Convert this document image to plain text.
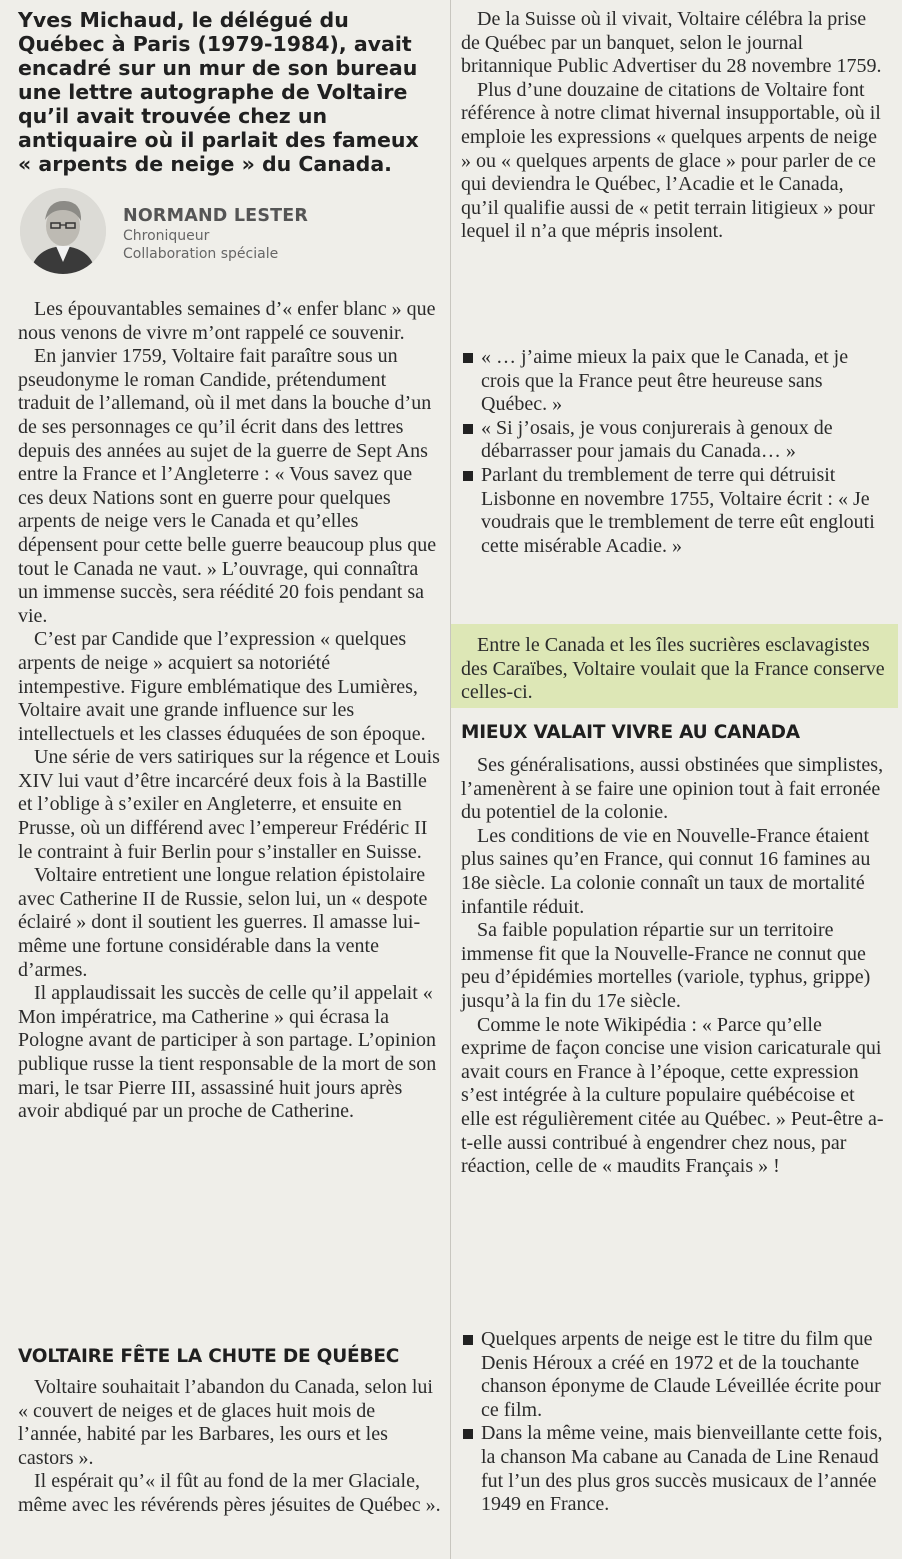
Yves Michaud, le délégué du Québec à Paris (1979-1984), avait encadré sur un mur de son bureau une lettre autographe de Voltaire qu’il avait trouvée chez un antiquaire où il parlait des fameux « arpents de neige » du Canada.

NORMAND LESTER

Chroniqueur

Collaboration spéciale

Les épouvantables semaines d’« enfer blanc » que nous venons de vivre m’ont rappelé ce souvenir.

En janvier 1759, Voltaire fait paraître sous un pseudonyme le roman Candide, prétendument traduit de l’allemand, où il met dans la bouche d’un de ses personnages ce qu’il écrit dans des lettres depuis des années au sujet de la guerre de Sept Ans entre la France et l’Angleterre : « Vous savez que ces deux Nations sont en guerre pour quelques arpents de neige vers le Canada et qu’elles dépensent pour cette belle guerre beaucoup plus que tout le Canada ne vaut. » L’ouvrage, qui connaîtra un immense succès, sera réédité 20 fois pendant sa vie.

C’est par Candide que l’expression « quelques arpents de neige » acquiert sa notoriété intempestive. Figure emblématique des Lumières, Voltaire avait une grande influence sur les intellectuels et les classes éduquées de son époque.

Une série de vers satiriques sur la régence et Louis XIV lui vaut d’être incarcéré deux fois à la Bastille et l’oblige à s’exiler en Angleterre, et ensuite en Prusse, où un différend avec l’empereur Frédéric II le contraint à fuir Berlin pour s’installer en Suisse.

Voltaire entretient une longue relation épistolaire avec Catherine II de Russie, selon lui, un « despote éclairé » dont il soutient les guerres. Il amasse lui-même une fortune considérable dans la vente d’armes.

Il applaudissait les succès de celle qu’il appelait « Mon impératrice, ma Catherine » qui écrasa la Pologne avant de participer à son partage. L’opinion publique russe la tient responsable de la mort de son mari, le tsar Pierre III, assassiné huit jours après avoir abdiqué par un proche de Catherine.

VOLTAIRE FÊTE LA CHUTE DE QUÉBEC

Voltaire souhaitait l’abandon du Canada, selon lui « couvert de neiges et de glaces huit mois de l’année, habité par les Barbares, les ours et les castors ».

Il espérait qu’« il fût au fond de la mer Glaciale, même avec les révérends pères jésuites de Québec ».

De la Suisse où il vivait, Voltaire célébra la prise de Québec par un banquet, selon le journal britannique Public Advertiser du 28 novembre 1759.

Plus d’une douzaine de citations de Voltaire font référence à notre climat hivernal insupportable, où il emploie les expressions « quelques arpents de neige » ou « quelques arpents de glace » pour parler de ce qui deviendra le Québec, l’Acadie et le Canada, qu’il qualifie aussi de « petit terrain litigieux » pour lequel il n’a que mépris insolent.

« … j’aime mieux la paix que le Canada, et je crois que la France peut être heureuse sans Québec. »

« Si j’osais, je vous conjurerais à genoux de débarrasser pour jamais du Canada… »

Parlant du tremblement de terre qui détruisit Lisbonne en novembre 1755, Voltaire écrit : « Je voudrais que le tremblement de terre eût englouti cette misérable Acadie. »

Entre le Canada et les îles sucrières esclavagistes des Caraïbes, Voltaire voulait que la France conserve celles-ci.

MIEUX VALAIT VIVRE AU CANADA

Ses généralisations, aussi obstinées que simplistes, l’amenèrent à se faire une opinion tout à fait erronée du potentiel de la colonie.

Les conditions de vie en Nouvelle-France étaient plus saines qu’en France, qui connut 16 famines au 18e siècle. La colonie connaît un taux de mortalité infantile réduit.

Sa faible population répartie sur un territoire immense fit que la Nouvelle-France ne connut que peu d’épidémies mortelles (variole, typhus, grippe) jusqu’à la fin du 17e siècle.

Comme le note Wikipédia : « Parce qu’elle exprime de façon concise une vision caricaturale qui avait cours en France à l’époque, cette expression s’est intégrée à la culture populaire québécoise et elle est régulièrement citée au Québec. » Peut-être a-t-elle aussi contribué à engendrer chez nous, par réaction, celle de « maudits Français » !

Quelques arpents de neige est le titre du film que Denis Héroux a créé en 1972 et de la touchante chanson éponyme de Claude Léveillée écrite pour ce film.

Dans la même veine, mais bienveillante cette fois, la chanson Ma cabane au Canada de Line Renaud fut l’un des plus gros succès musicaux de l’année 1949 en France.
